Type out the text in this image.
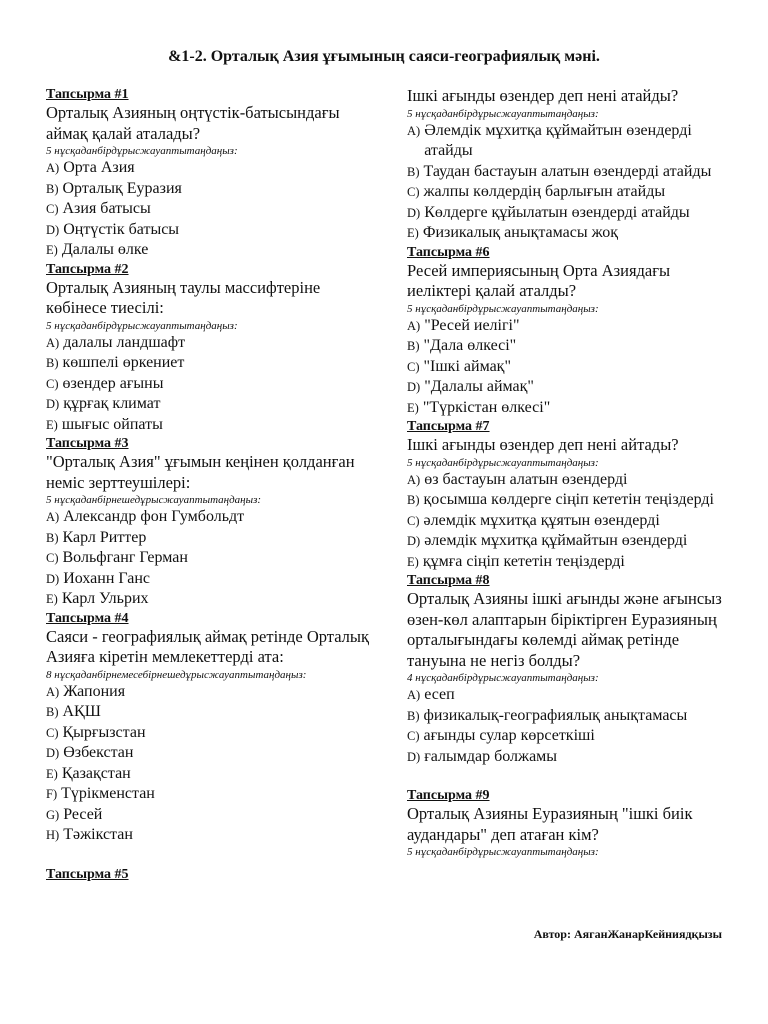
&1-2. Орталық Азия ұғымының саяси-географиялық мәні.
Тапсырма #1
Орталық Азияның оңтүстік-батысындағы аймақ қалай аталады?
5 нұсқаданбірдұрысжауаптытаңдаңыз:
A) Орта Азия
B) Орталық Еуразия
C) Азия батысы
D) Оңтүстік батысы
E) Далалы өлке
Тапсырма #2
Орталық Азияның таулы массифтеріне көбінесе тиесілі:
5 нұсқаданбірдұрысжауаптытаңдаңыз:
A) далалы ландшафт
B) көшпелі өркениет
C) өзендер ағыны
D) құрғақ климат
E) шығыс ойпаты
Тапсырма #3
"Орталық Азия" ұғымын кеңінен қолданған неміс зерттеушілері:
5 нұсқаданбірнешедұрысжауаптытаңдаңыз:
A) Александр фон Гумбольдт
B) Карл Риттер
C) Вольфганг Герман
D) Иоханн Ганс
E) Карл Ульрих
Тапсырма #4
Саяси - географиялық аймақ ретінде Орталық Азияға кіретін мемлекеттерді ата:
8 нұсқаданбірнемесебірнешедұрысжауаптытаңдаңыз:
A) Жапония
B) АҚШ
C) Қырғызстан
D) Өзбекстан
E) Қазақстан
F) Түрікменстан
G) Ресей
H) Тәжікстан
Тапсырма #5
Ішкі ағынды өзендер деп нені атайды?
5 нұсқаданбірдұрысжауаптытаңдаңыз:
A) Әлемдік мұхитқа құймайтын өзендерді атайды
B) Таудан бастауын алатын өзендерді атайды
C) жалпы көлдердің барлығын атайды
D) Көлдерге құйылатын өзендерді атайды
E) Физикалық анықтамасы жоқ
Тапсырма #6
Ресей империясының Орта Азиядағы иеліктері қалай аталды?
5 нұсқаданбірдұрысжауаптытаңдаңыз:
A) "Ресей иелігі"
B) "Дала өлкесі"
C) "Ішкі аймақ"
D) "Далалы аймақ"
E) "Түркістан өлкесі"
Тапсырма #7
Ішкі ағынды өзендер деп нені айтады?
5 нұсқаданбірдұрысжауаптытаңдаңыз:
A) өз бастауын алатын өзендерді
B) қосымша көлдерге сіңіп кететін теңіздерді
C) әлемдік мұхитқа құятын өзендерді
D) әлемдік мұхитқа құймайтын өзендерді
E) құмға сіңіп кететін теңіздерді
Тапсырма #8
Орталық Азияны ішкі ағынды және ағынсыз өзен-көл алаптарын біріктірген Еуразияның орталығындағы көлемді аймақ ретінде тануына не негіз болды?
4 нұсқаданбірдұрысжауаптытаңдаңыз:
A) есеп
B) физикалық-географиялық анықтамасы
C) ағынды сулар көрсеткіші
D) ғалымдар болжамы
Тапсырма #9
Орталық Азияны Еуразияның "ішкі биік аудандары" деп атаған кім?
5 нұсқаданбірдұрысжауаптытаңдаңыз:
Автор: АяганЖанарКейниядқызы
